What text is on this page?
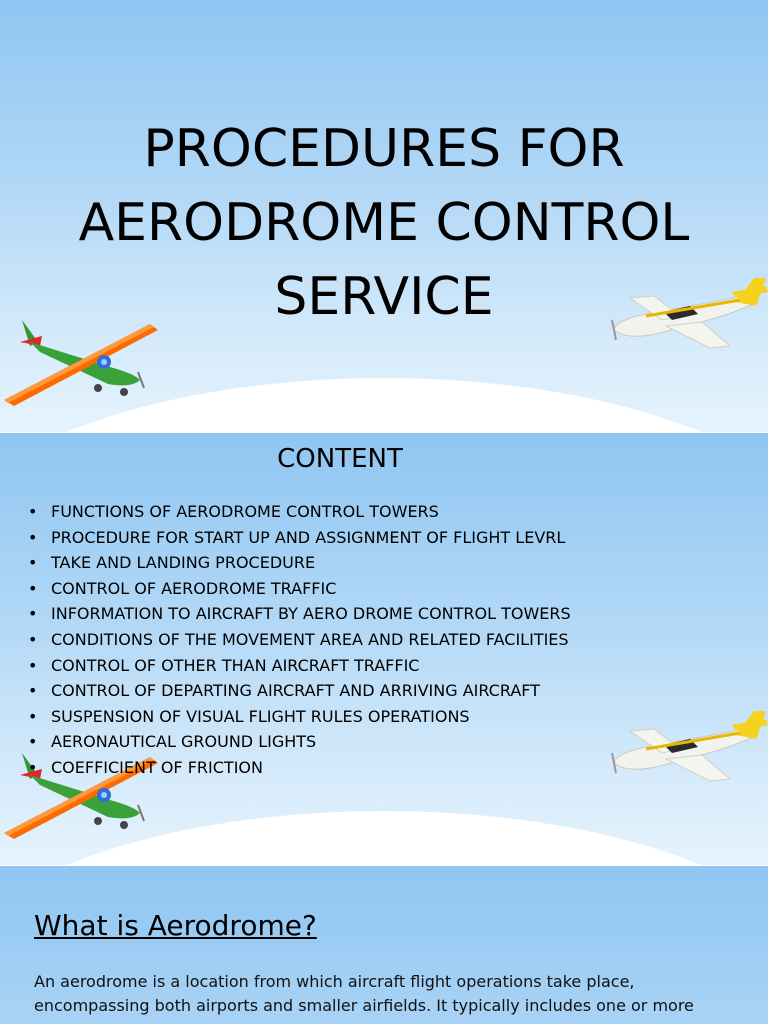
PROCEDURES FOR
AERODROME CONTROL
SERVICE
CONTENT
• FUNCTIONS OF AERODROME CONTROL TOWERS
• PROCEDURE FOR START UP AND ASSIGNMENT OF FLIGHT LEVRL
• TAKE AND LANDING PROCEDURE
• CONTROL OF AERODROME TRAFFIC
• INFORMATION TO AIRCRAFT BY AERO DROME CONTROL TOWERS
• CONDITIONS OF THE MOVEMENT AREA AND RELATED FACILITIES
• CONTROL OF OTHER THAN AIRCRAFT TRAFFIC
• CONTROL OF DEPARTING AIRCRAFT AND ARRIVING AIRCRAFT
• SUSPENSION OF VISUAL FLIGHT RULES OPERATIONS
• AERONAUTICAL GROUND LIGHTS
• COEFFICIENT OF FRICTION
What is Aerodrome?
An aerodrome is a location from which aircraft flight operations take place, encompassing both airports and smaller airfields. It typically includes one or more
